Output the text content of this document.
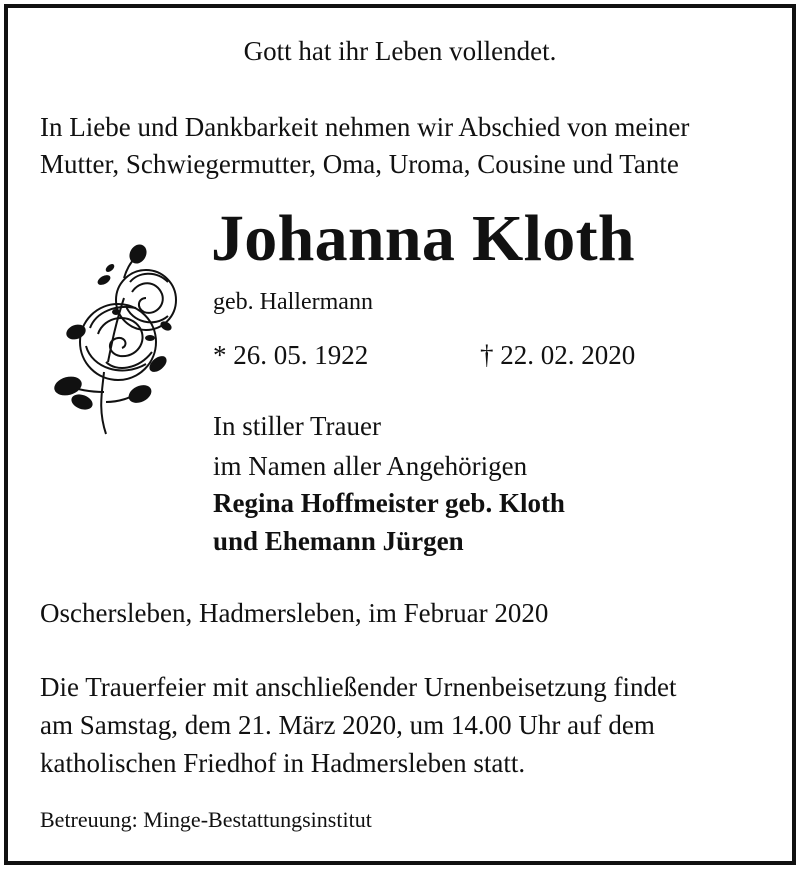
Gott hat ihr Leben vollendet.
In Liebe und Dankbarkeit nehmen wir Abschied von meiner
Mutter, Schwiegermutter, Oma, Uroma, Cousine und Tante
Johanna Kloth
geb. Hallermann
* 26. 05. 1922	† 22. 02. 2020
In stiller Trauer
im Namen aller Angehörigen
Regina Hoffmeister geb. Kloth
und Ehemann Jürgen
Oschersleben, Hadmersleben, im Februar 2020
Die Trauerfeier mit anschließender Urnenbeisetzung findet
am Samstag, dem 21. März 2020, um 14.00 Uhr auf dem
katholischen Friedhof in Hadmersleben statt.
Betreuung: Minge-Bestattungsinstitut
